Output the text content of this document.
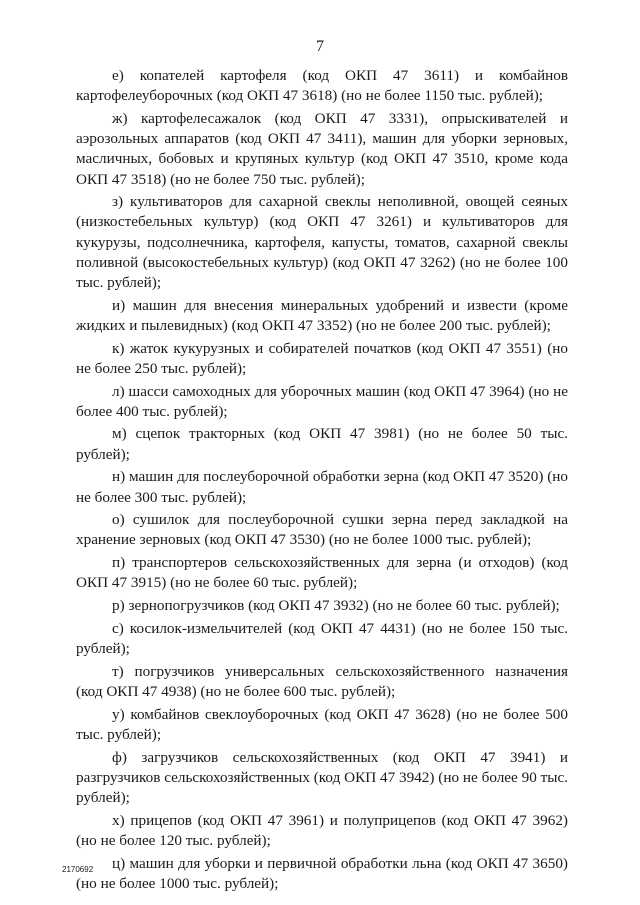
7

е) копателей картофеля (код ОКП 47 3611) и комбайнов картофелеуборочных (код ОКП 47 3618) (но не более 1150 тыс. рублей);

ж) картофелесажалок (код ОКП 47 3331), опрыскивателей и аэрозольных аппаратов (код ОКП 47 3411), машин для уборки зерновых, масличных, бобовых и крупяных культур (код ОКП 47 3510, кроме кода ОКП 47 3518) (но не более 750 тыс. рублей);

з) культиваторов для сахарной свеклы неполивной, овощей сеяных (низкостебельных культур) (код ОКП 47 3261) и культиваторов для кукурузы, подсолнечника, картофеля, капусты, томатов, сахарной свеклы поливной (высокостебельных культур) (код ОКП 47 3262) (но не более 100 тыс. рублей);

и) машин для внесения минеральных удобрений и извести (кроме жидких и пылевидных) (код ОКП 47 3352) (но не более 200 тыс. рублей);

к) жаток кукурузных и собирателей початков (код ОКП 47 3551) (но не более 250 тыс. рублей);

л) шасси самоходных для уборочных машин (код ОКП 47 3964) (но не более 400 тыс. рублей);

м) сцепок тракторных (код ОКП 47 3981) (но не более 50 тыс. рублей);

н) машин для послеуборочной обработки зерна (код ОКП 47 3520) (но не более 300 тыс. рублей);

о) сушилок для послеуборочной сушки зерна перед закладкой на хранение зерновых (код ОКП 47 3530) (но не более 1000 тыс. рублей);

п) транспортеров сельскохозяйственных для зерна (и отходов) (код ОКП 47 3915) (но не более 60 тыс. рублей);

р) зернопогрузчиков (код ОКП 47 3932) (но не более 60 тыс. рублей);

с) косилок-измельчителей (код ОКП 47 4431) (но не более 150 тыс. рублей);

т) погрузчиков универсальных сельскохозяйственного назначения (код ОКП 47 4938) (но не более 600 тыс. рублей);

у) комбайнов свеклоуборочных (код ОКП 47 3628) (но не более 500 тыс. рублей);

ф) загрузчиков сельскохозяйственных (код ОКП 47 3941) и разгрузчиков сельскохозяйственных (код ОКП 47 3942) (но не более 90 тыс. рублей);

х) прицепов (код ОКП 47 3961) и полуприцепов (код ОКП 47 3962) (но не более 120 тыс. рублей);

ц) машин для уборки и первичной обработки льна (код ОКП 47 3650) (но не более 1000 тыс. рублей);

2170692
